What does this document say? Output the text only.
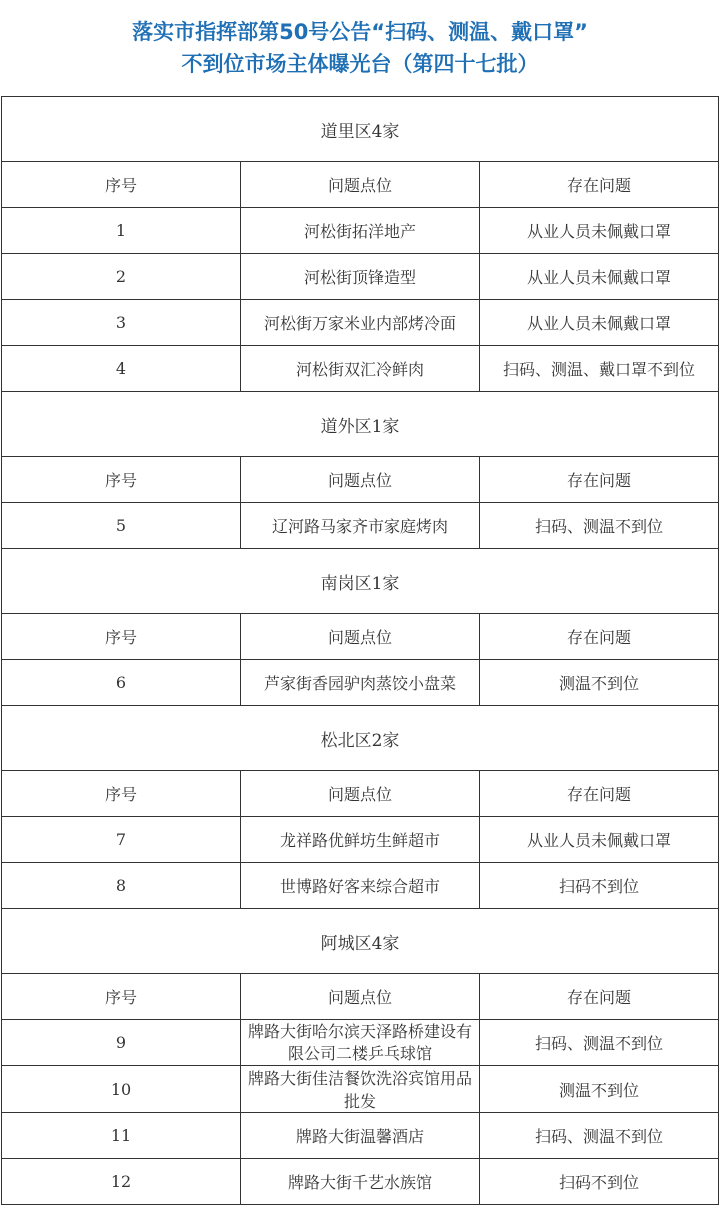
落实市指挥部第50号公告“扫码、测温、戴口罩”
不到位市场主体曝光台（第四十七批）
道里区4家		
序号	问题点位	存在问题
1	河松街拓洋地产	从业人员未佩戴口罩
2	河松街顶锋造型	从业人员未佩戴口罩
3	河松街万家米业内部烤冷面	从业人员未佩戴口罩
4	河松街双汇冷鲜肉	扫码、测温、戴口罩不到位
道外区1家		
序号	问题点位	存在问题
5	辽河路马家齐市家庭烤肉	扫码、测温不到位
南岗区1家		
序号	问题点位	存在问题
6	芦家街香园驴肉蒸饺小盘菜	测温不到位
松北区2家		
序号	问题点位	存在问题
7	龙祥路优鲜坊生鲜超市	从业人员未佩戴口罩
8	世博路好客来综合超市	扫码不到位
阿城区4家		
序号	问题点位	存在问题
9	牌路大街哈尔滨天泽路桥建设有限公司二楼乒乓球馆	扫码、测温不到位
10	牌路大街佳洁餐饮洗浴宾馆用品批发	测温不到位
11	牌路大街温馨酒店	扫码、测温不到位
12	牌路大街千艺水族馆	扫码不到位
